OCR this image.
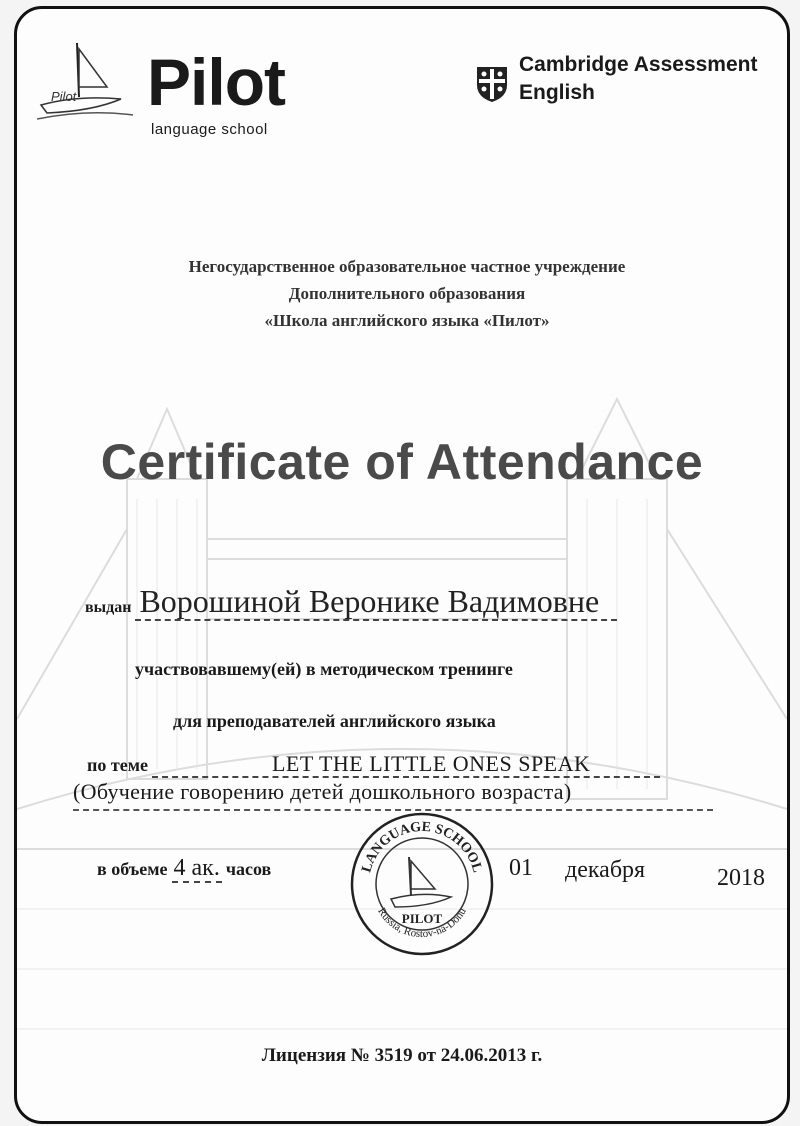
Pilot Pilot
language school
Cambridge Assessment
English
Негосударственное образовательное частное учреждение
Дополнительного образования
«Школа английского языка «Пилот»
Certificate of Attendance
выдан Ворошиной Веронике Вадимовне
участвовавшему(ей) в методическом тренинге
для преподавателей английского языка
по теме	LET THE LITTLE ONES SPEAK
(Обучение говорению детей дошкольного возраста)
в объеме 4 ак. часов	01 декабря	2018
LANGUAGE SCHOOL
Russia, Rostov-na-Donu
PILOT
Лицензия № 3519 от 24.06.2013 г.
